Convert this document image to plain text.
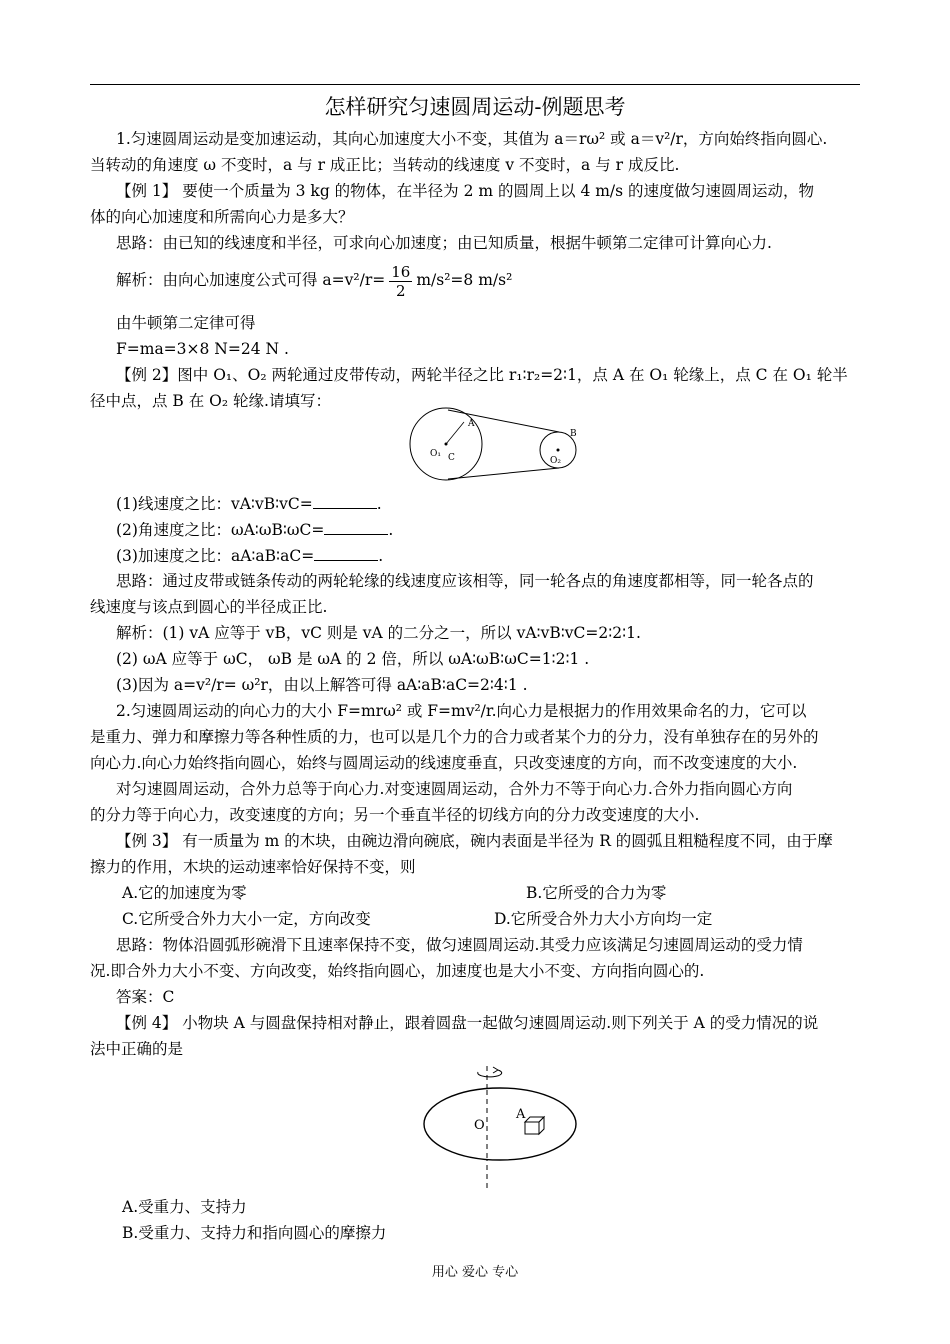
怎样研究匀速圆周运动-例题思考
1.匀速圆周运动是变加速运动，其向心加速度大小不变，其值为 a＝rω² 或 a＝v²/r，方向始终指向圆心.
当转动的角速度 ω 不变时，a 与 r 成正比；当转动的线速度 v 不变时，a 与 r 成反比.
【例 1】 要使一个质量为 3 kg 的物体，在半径为 2 m 的圆周上以 4 m/s 的速度做匀速圆周运动，物
体的向心加速度和所需向心力是多大？
思路：由已知的线速度和半径，可求向心加速度；由已知质量，根据牛顿第二定律可计算向心力.
解析：由向心加速度公式可得 $a=v^2/r= \frac{16}{2} m/s^2=8$ m/s²
由牛顿第二定律可得
F=ma=3×8 N=24 N .
【例 2】图中 O₁、O₂ 两轮通过皮带传动，两轮半径之比 r₁∶r₂=2∶1，点 A 在 O₁ 轮缘上，点 C 在 O₁ 轮半
径中点，点 B 在 O₂ 轮缘.请填写：
A
B
C
O₁
O₂
(1)线速度之比：vA∶vB∶vC=	.
(2)角速度之比：ωA∶ωB∶ωC=	.
(3)加速度之比：aA∶aB∶aC=	.
思路：通过皮带或链条传动的两轮轮缘的线速度应该相等，同一轮各点的角速度都相等，同一轮各点的
线速度与该点到圆心的半径成正比.
解析：(1) vA 应等于 vB，vC 则是 vA 的二分之一，所以 vA∶vB∶vC=2∶2∶1.
(2) ωA 应等于 ωC， ωB 是 ωA 的 2 倍，所以 ωA∶ωB∶ωC=1∶2∶1 .
(3)因为 a=v²/r= ω²r，由以上解答可得 aA∶aB∶aC=2∶4∶1 .
2.匀速圆周运动的向心力的大小 F=mrω² 或 F=mv²/r.向心力是根据力的作用效果命名的力，它可以
是重力、弹力和摩擦力等各种性质的力，也可以是几个力的合力或者某个力的分力，没有单独存在的另外的
向心力.向心力始终指向圆心，始终与圆周运动的线速度垂直，只改变速度的方向，而不改变速度的大小.
对匀速圆周运动，合外力总等于向心力.对变速圆周运动，合外力不等于向心力.合外力指向圆心方向
的分力等于向心力，改变速度的方向；另一个垂直半径的切线方向的分力改变速度的大小.
【例 3】 有一质量为 m 的木块，由碗边滑向碗底，碗内表面是半径为 R 的圆弧且粗糙程度不同，由于摩
擦力的作用，木块的运动速率恰好保持不变，则
A.它的加速度为零	B.它所受的合力为零
C.它所受合外力大小一定，方向改变	D.它所受合外力大小方向均一定
思路：物体沿圆弧形碗滑下且速率保持不变，做匀速圆周运动.其受力应该满足匀速圆周运动的受力情
况.即合外力大小不变、方向改变，始终指向圆心，加速度也是大小不变、方向指向圆心的.
答案：C
【例 4】 小物块 A 与圆盘保持相对静止，跟着圆盘一起做匀速圆周运动.则下列关于 A 的受力情况的说
法中正确的是
O
A
A.受重力、支持力
B.受重力、支持力和指向圆心的摩擦力
用心 爱心 专心
